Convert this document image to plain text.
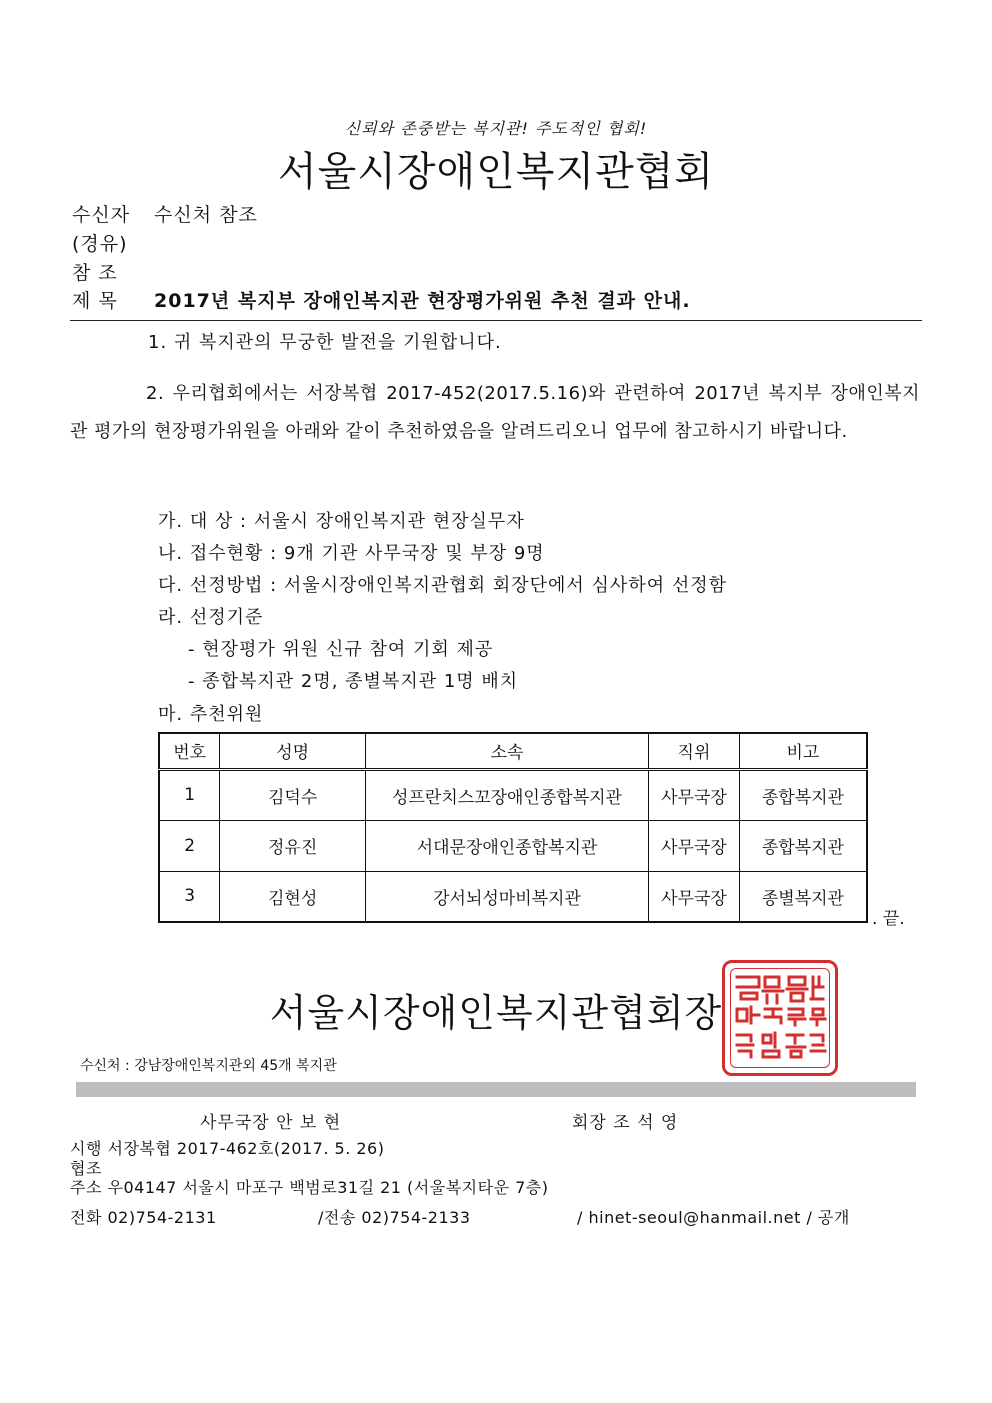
신뢰와 존중받는 복지관! 주도적인 협회!
서울시장애인복지관협회
수신자 수신처 참조
(경유)
참 조
제 목 2017년 복지부 장애인복지관 현장평가위원 추천 결과 안내.
1. 귀 복지관의 무궁한 발전을 기원합니다.
2. 우리협회에서는 서장복협 2017-452(2017.5.16)와 관련하여 2017년 복지부 장애인복지관 평가의 현장평가위원을 아래와 같이 추천하였음을 알려드리오니 업무에 참고하시기 바랍니다.
가. 대 상 : 서울시 장애인복지관 현장실무자
나. 접수현황 : 9개 기관 사무국장 및 부장 9명
다. 선정방법 : 서울시장애인복지관협회 회장단에서 심사하여 선정함
라. 선정기준
- 현장평가 위원 신규 참여 기회 제공
- 종합복지관 2명, 종별복지관 1명 배치
마. 추천위원
번호	성명	소속	직위	비고
1	김덕수	성프란치스꼬장애인종합복지관	사무국장	종합복지관
2	정유진	서대문장애인종합복지관	사무국장	종합복지관
3	김현성	강서뇌성마비복지관	사무국장	종별복지관
. 끝.
서울시장애인복지관협회장
수신처 : 강남장애인복지관외 45개 복지관
사무국장 안 보 현	회장 조 석 영
시행 서장복협 2017-462호(2017. 5. 26)
협조
주소 우04147 서울시 마포구 백범로31길 21 (서울복지타운 7층)
전화 02)754-2131	/전송 02)754-2133	/ hinet-seoul@hanmail.net / 공개
